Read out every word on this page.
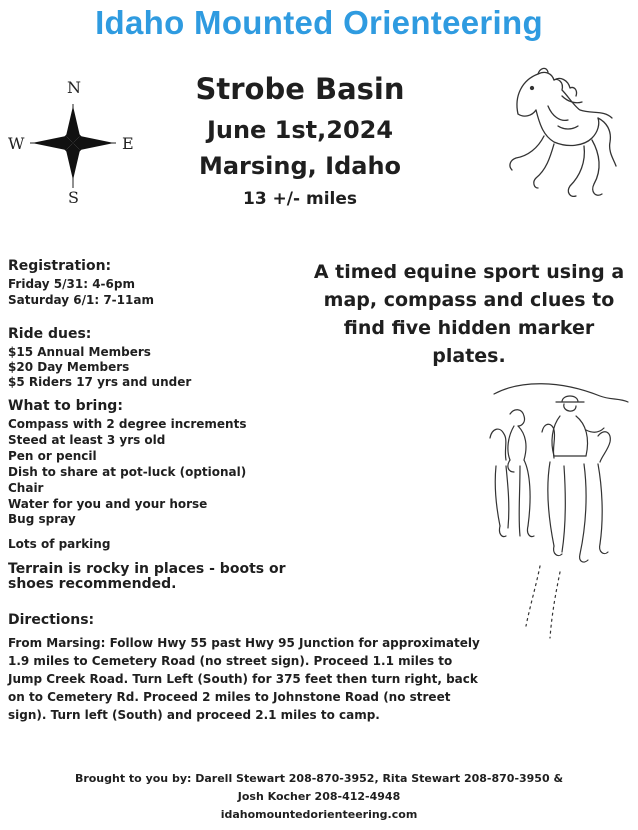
Idaho Mounted Orienteering
N
S
W	E
Strobe Basin
June 1st,2024
Marsing, Idaho
13 +/- miles
Registration:
Friday 5/31: 4-6pm
Saturday 6/1: 7-11am
Ride dues:
$15 Annual Members
$20 Day Members
$5 Riders 17 yrs and under
What to bring:
Compass with 2 degree increments
Steed at least 3 yrs old
Pen or pencil
Dish to share at pot-luck (optional)
Chair
Water for you and your horse
Bug spray
Lots of parking
Terrain is rocky in places - boots or shoes recommended.
A timed equine sport using a map, compass and clues to find five hidden marker plates.
Directions:
From Marsing: Follow Hwy 55 past Hwy 95 Junction for approximately 1.9 miles to Cemetery Road (no street sign). Proceed 1.1 miles to Jump Creek Road. Turn Left (South) for 375 feet then turn right, back on to Cemetery Rd. Proceed 2 miles to Johnstone Road (no street sign). Turn left (South) and proceed 2.1 miles to camp.
Brought to you by: Darell Stewart 208-870-3952, Rita Stewart 208-870-3950 &
Josh Kocher 208-412-4948
idahomountedorienteering.com
